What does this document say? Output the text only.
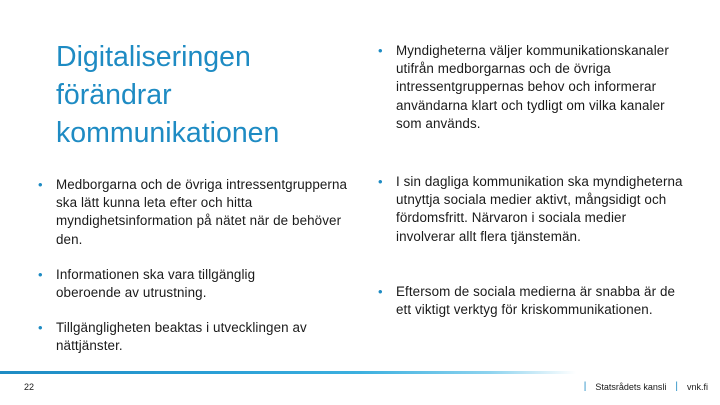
Digitaliseringen förändrar kommunikationen
• Medborgarna och de övriga intressentgrupperna ska lätt kunna leta efter och hitta myndighetsinformation på nätet när de behöver den.
• Informationen ska vara tillgänglig oberoende av utrustning.
• Tillgängligheten beaktas i utvecklingen av nättjänster.
• Myndigheterna väljer kommunikationskanaler utifrån medborgarnas och de övriga intressentgruppernas behov och informerar användarna klart och tydligt om vilka kanaler som används.
• I sin dagliga kommunikation ska myndigheterna utnyttja sociala medier aktivt, mångsidigt och fördomsfritt. Närvaron i sociala medier involverar allt flera tjänstemän.
• Eftersom de sociala medierna är snabba är de ett viktigt verktyg för kriskommunikationen.
22	| Statsrådets kansli | vnk.fi
